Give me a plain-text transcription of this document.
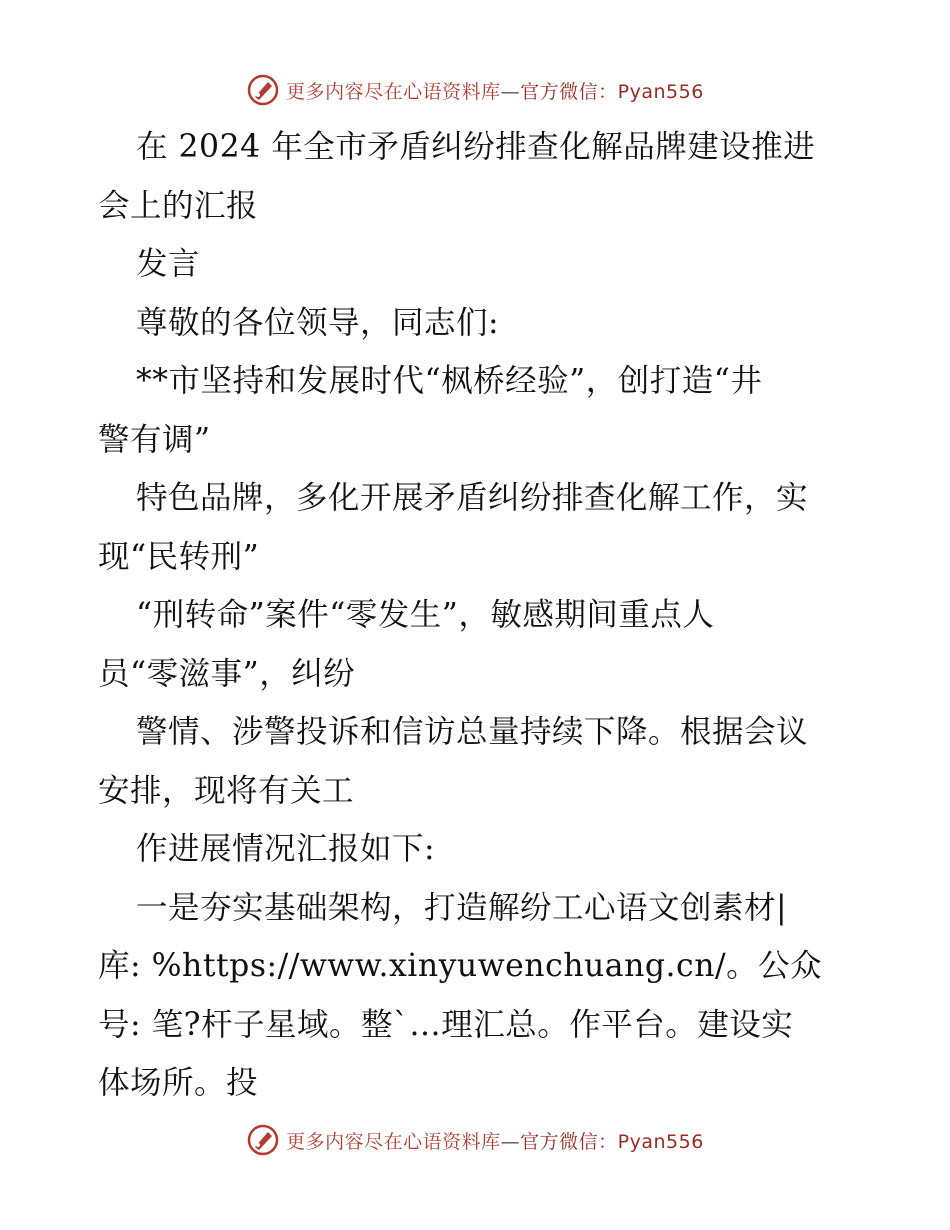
更多内容尽在心语资料库—官方微信：Pyan556
在 2024 年全市矛盾纠纷排查化解品牌建设推进
会上的汇报
发言
尊敬的各位领导，同志们:
**市坚持和发展时代“枫桥经验”，创打造“井
警有调”
特色品牌，多化开展矛盾纠纷排查化解工作，实
现“民转刑”
“刑转命”案件“零发生”，敏感期间重点人
员“零滋事”，纠纷
警情、涉警投诉和信访总量持续下降。根据会议
安排，现将有关工
作进展情况汇报如下:
一是夯实基础架构，打造解纷工心语文创素材|
库: %https://www.xinyuwenchuang.cn/。公众
号: 笔?杆子星域。整`…理汇总。作平台。建设实
体场所。投
更多内容尽在心语资料库—官方微信：Pyan556
